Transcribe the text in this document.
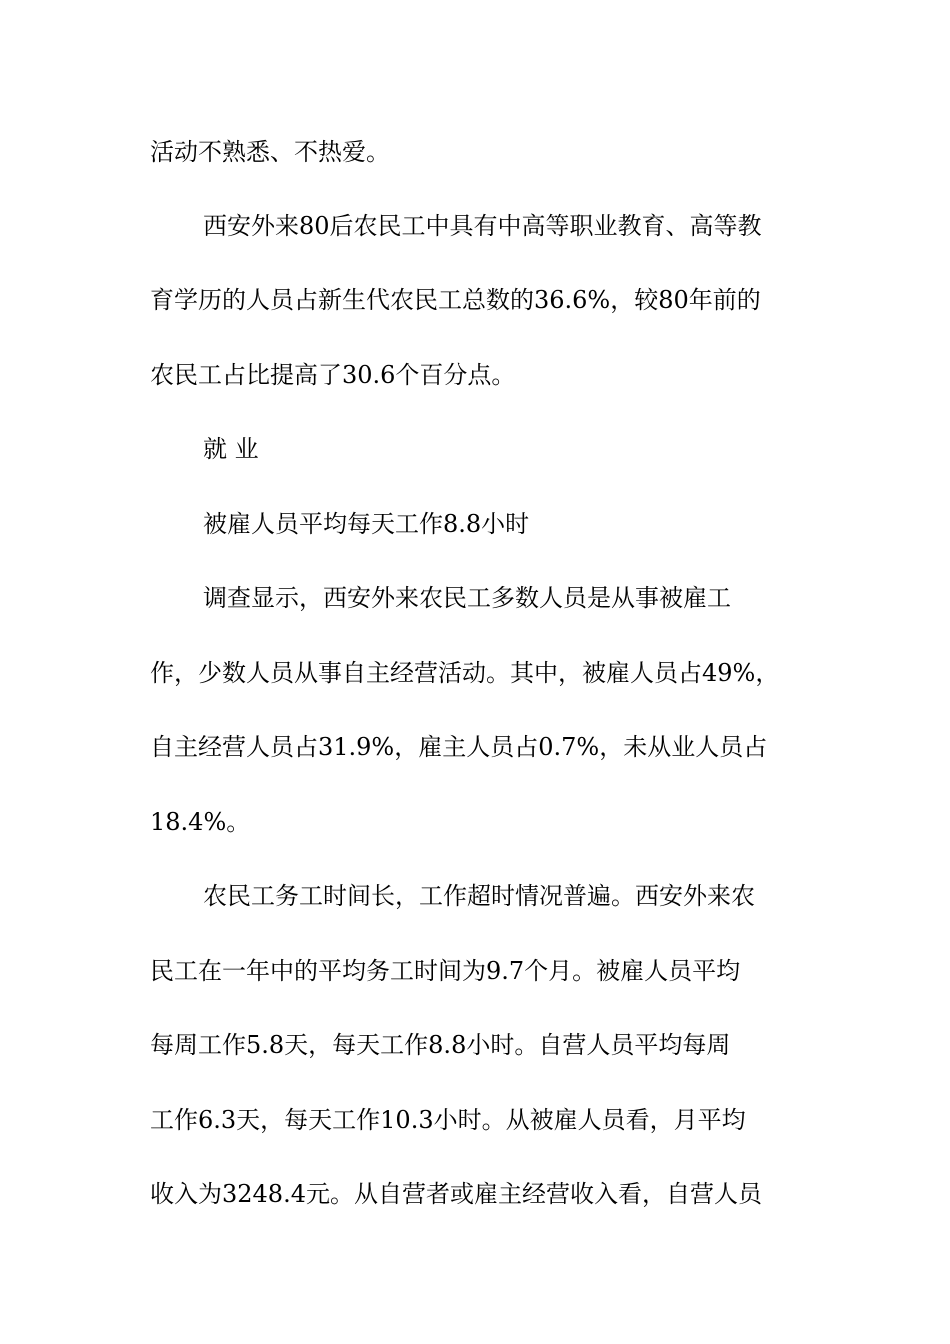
活动不熟悉、不热爱。
西安外来80后农民工中具有中高等职业教育、高等教
育学历的人员占新生代农民工总数的36.6%，较80年前的
农民工占比提高了30.6个百分点。
就 业
被雇人员平均每天工作8.8小时
调查显示，西安外来农民工多数人员是从事被雇工
作，少数人员从事自主经营活动。其中，被雇人员占49%，
自主经营人员占31.9%，雇主人员占0.7%，未从业人员占
18.4%。
农民工务工时间长，工作超时情况普遍。西安外来农
民工在一年中的平均务工时间为9.7个月。被雇人员平均
每周工作5.8天，每天工作8.8小时。自营人员平均每周
工作6.3天，每天工作10.3小时。从被雇人员看，月平均
收入为3248.4元。从自营者或雇主经营收入看，自营人员
